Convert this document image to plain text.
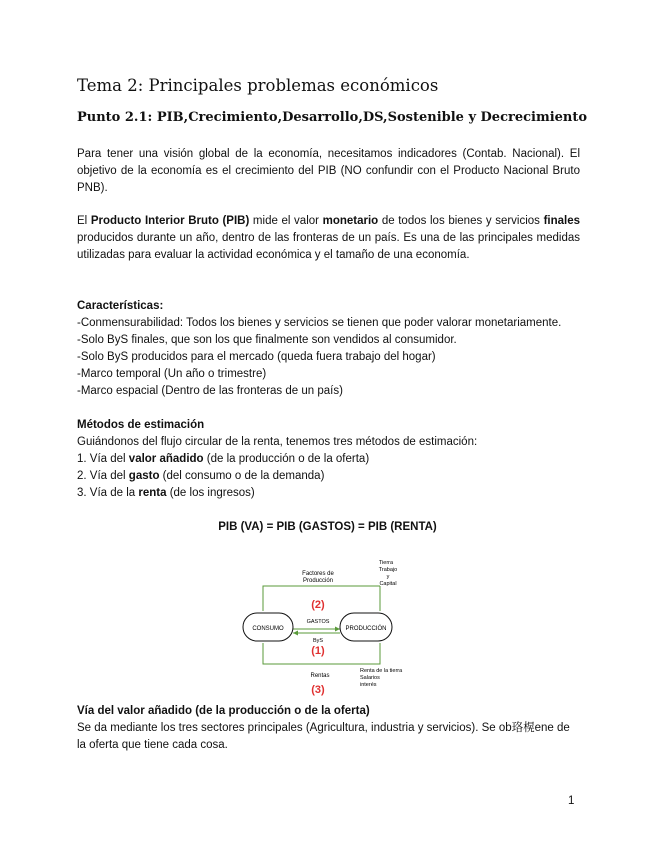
Tema 2: Principales problemas económicos
Punto 2.1: PIB,Crecimiento,Desarrollo,DS,Sostenible y Decrecimiento
Para tener una visión global de la economía, necesitamos indicadores (Contab. Nacional). El objetivo de la economía es el crecimiento del PIB (NO confundir con el Producto Nacional Bruto PNB).
El Producto Interior Bruto (PIB) mide el valor monetario de todos los bienes y servicios finales producidos durante un año, dentro de las fronteras de un país. Es una de las principales medidas utilizadas para evaluar la actividad económica y el tamaño de una economía.
Características:
-Conmensurabilidad: Todos los bienes y servicios se tienen que poder valorar monetariamente.
-Solo ByS finales, que son los que finalmente son vendidos al consumidor.
-Solo ByS producidos para el mercado (queda fuera trabajo del hogar)
-Marco temporal (Un año o trimestre)
-Marco espacial (Dentro de las fronteras de un país)
Métodos de estimación
Guiándonos del flujo circular de la renta, tenemos tres métodos de estimación:
1. Vía del valor añadido (de la producción o de la oferta)
2. Vía del gasto (del consumo o de la demanda)
3. Vía de la renta (de los ingresos)
PIB (VA) = PIB (GASTOS) = PIB (RENTA)
CONSUMO	PRODUCCIÓN
Factores de
Producción
Tierra
Trabajo
y
Capital
(2)
GASTOS
ByS
(1)
Rentas
(3)
Renta de la tierra
Salarios
interés
Vía del valor añadido (de la producción o de la oferta)
Se da mediante los tres sectores principales (Agricultura, industria y servicios). Se ob珞榥ene de la oferta que tiene cada cosa.
1
